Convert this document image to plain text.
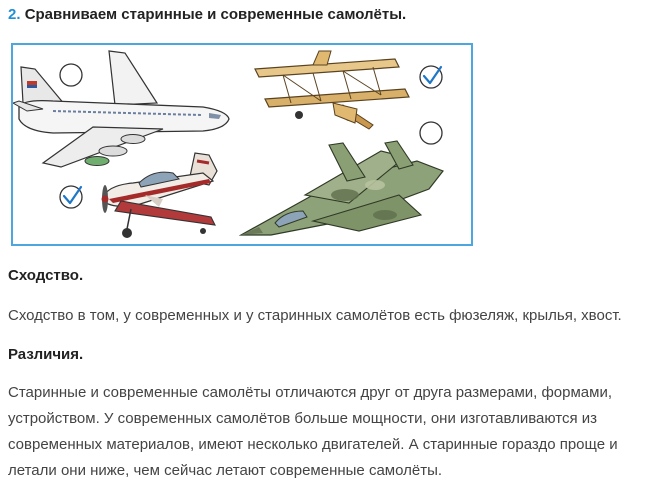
2. Сравниваем старинные и современные самолёты.
Сходство.
Сходство в том, у современных и у старинных самолётов есть фюзеляж, крылья, хвост.
Различия.
Старинные и современные самолёты отличаются друг от друга размерами, формами,
устройством. У современных самолётов больше мощности, они изготавливаются из
современных материалов, имеют несколько двигателей. А старинные гораздо проще и
летали они ниже, чем сейчас летают современные самолёты.
